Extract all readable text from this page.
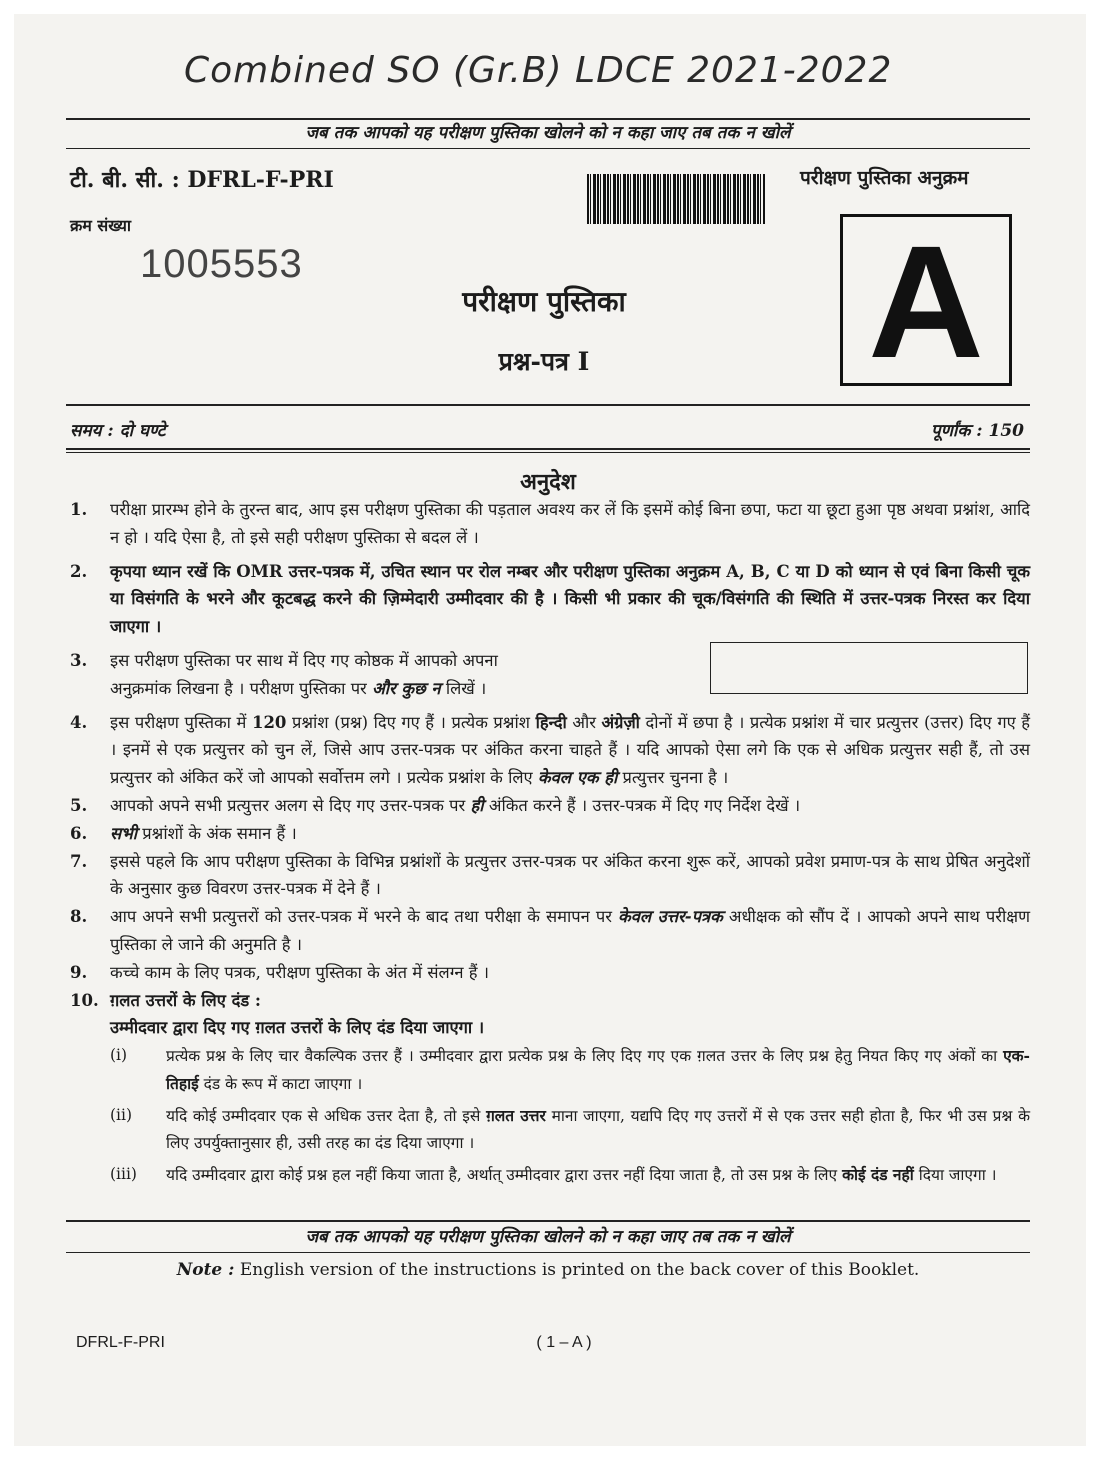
Combined SO (Gr.B) LDCE 2021-2022
जब तक आपको यह परीक्षण पुस्तिका खोलने को न कहा जाए तब तक न खोलें
टी. बी. सी. : DFRL-F-PRI	परीक्षण पुस्तिका अनुक्रम
क्रम संख्या
1005553	A
परीक्षण पुस्तिका
प्रश्न-पत्र I
समय : दो घण्टे	पूर्णांक : 150
अनुदेश

1. परीक्षा प्रारम्भ होने के तुरन्त बाद, आप इस परीक्षण पुस्तिका की पड़ताल अवश्य कर लें कि इसमें कोई बिना छपा, फटा या छूटा हुआ पृष्ठ अथवा प्रश्नांश, आदि न हो । यदि ऐसा है, तो इसे सही परीक्षण पुस्तिका से बदल लें ।

2. कृपया ध्यान रखें कि OMR उत्तर-पत्रक में, उचित स्थान पर रोल नम्बर और परीक्षण पुस्तिका अनुक्रम A, B, C या D को ध्यान से एवं बिना किसी चूक या विसंगति के भरने और कूटबद्ध करने की ज़िम्मेदारी उम्मीदवार की है । किसी भी प्रकार की चूक/विसंगति की स्थिति में उत्तर-पत्रक निरस्त कर दिया जाएगा ।

3. इस परीक्षण पुस्तिका पर साथ में दिए गए कोष्ठक में आपको अपना
अनुक्रमांक लिखना है । परीक्षण पुस्तिका पर और कुछ न लिखें ।

4. इस परीक्षण पुस्तिका में 120 प्रश्नांश (प्रश्न) दिए गए हैं । प्रत्येक प्रश्नांश हिन्दी और अंग्रेज़ी दोनों में छपा है । प्रत्येक प्रश्नांश में चार प्रत्युत्तर (उत्तर) दिए गए हैं । इनमें से एक प्रत्युत्तर को चुन लें, जिसे आप उत्तर-पत्रक पर अंकित करना चाहते हैं । यदि आपको ऐसा लगे कि एक से अधिक प्रत्युत्तर सही हैं, तो उस प्रत्युत्तर को अंकित करें जो आपको सर्वोत्तम लगे । प्रत्येक प्रश्नांश के लिए केवल एक ही प्रत्युत्तर चुनना है ।

5. आपको अपने सभी प्रत्युत्तर अलग से दिए गए उत्तर-पत्रक पर ही अंकित करने हैं । उत्तर-पत्रक में दिए गए निर्देश देखें ।

6. सभी प्रश्नांशों के अंक समान हैं ।

7. इससे पहले कि आप परीक्षण पुस्तिका के विभिन्न प्रश्नांशों के प्रत्युत्तर उत्तर-पत्रक पर अंकित करना शुरू करें, आपको प्रवेश प्रमाण-पत्र के साथ प्रेषित अनुदेशों के अनुसार कुछ विवरण उत्तर-पत्रक में देने हैं ।

8. आप अपने सभी प्रत्युत्तरों को उत्तर-पत्रक में भरने के बाद तथा परीक्षा के समापन पर केवल उत्तर-पत्रक अधीक्षक को सौंप दें । आपको अपने साथ परीक्षण पुस्तिका ले जाने की अनुमति है ।

9. कच्चे काम के लिए पत्रक, परीक्षण पुस्तिका के अंत में संलग्न हैं ।

10. ग़लत उत्तरों के लिए दंड :

उम्मीदवार द्वारा दिए गए ग़लत उत्तरों के लिए दंड दिया जाएगा ।

(i)	प्रत्येक प्रश्न के लिए चार वैकल्पिक उत्तर हैं । उम्मीदवार द्वारा प्रत्येक प्रश्न के लिए दिए गए एक ग़लत उत्तर के लिए प्रश्न हेतु नियत किए गए अंकों का एक-तिहाई दंड के रूप में काटा जाएगा ।

(ii) यदि कोई उम्मीदवार एक से अधिक उत्तर देता है, तो इसे ग़लत उत्तर माना जाएगा, यद्यपि दिए गए उत्तरों में से एक उत्तर सही होता है, फिर भी उस प्रश्न के लिए उपर्युक्तानुसार ही, उसी तरह का दंड दिया जाएगा ।

(iii) यदि उम्मीदवार द्वारा कोई प्रश्न हल नहीं किया जाता है, अर्थात् उम्मीदवार द्वारा उत्तर नहीं दिया जाता है, तो उस प्रश्न के लिए कोई दंड नहीं दिया जाएगा ।

जब तक आपको यह परीक्षण पुस्तिका खोलने को न कहा जाए तब तक न खोलें
Note : English version of the instructions is printed on the back cover of this Booklet.
DFRL-F-PRI	( 1 – A )
